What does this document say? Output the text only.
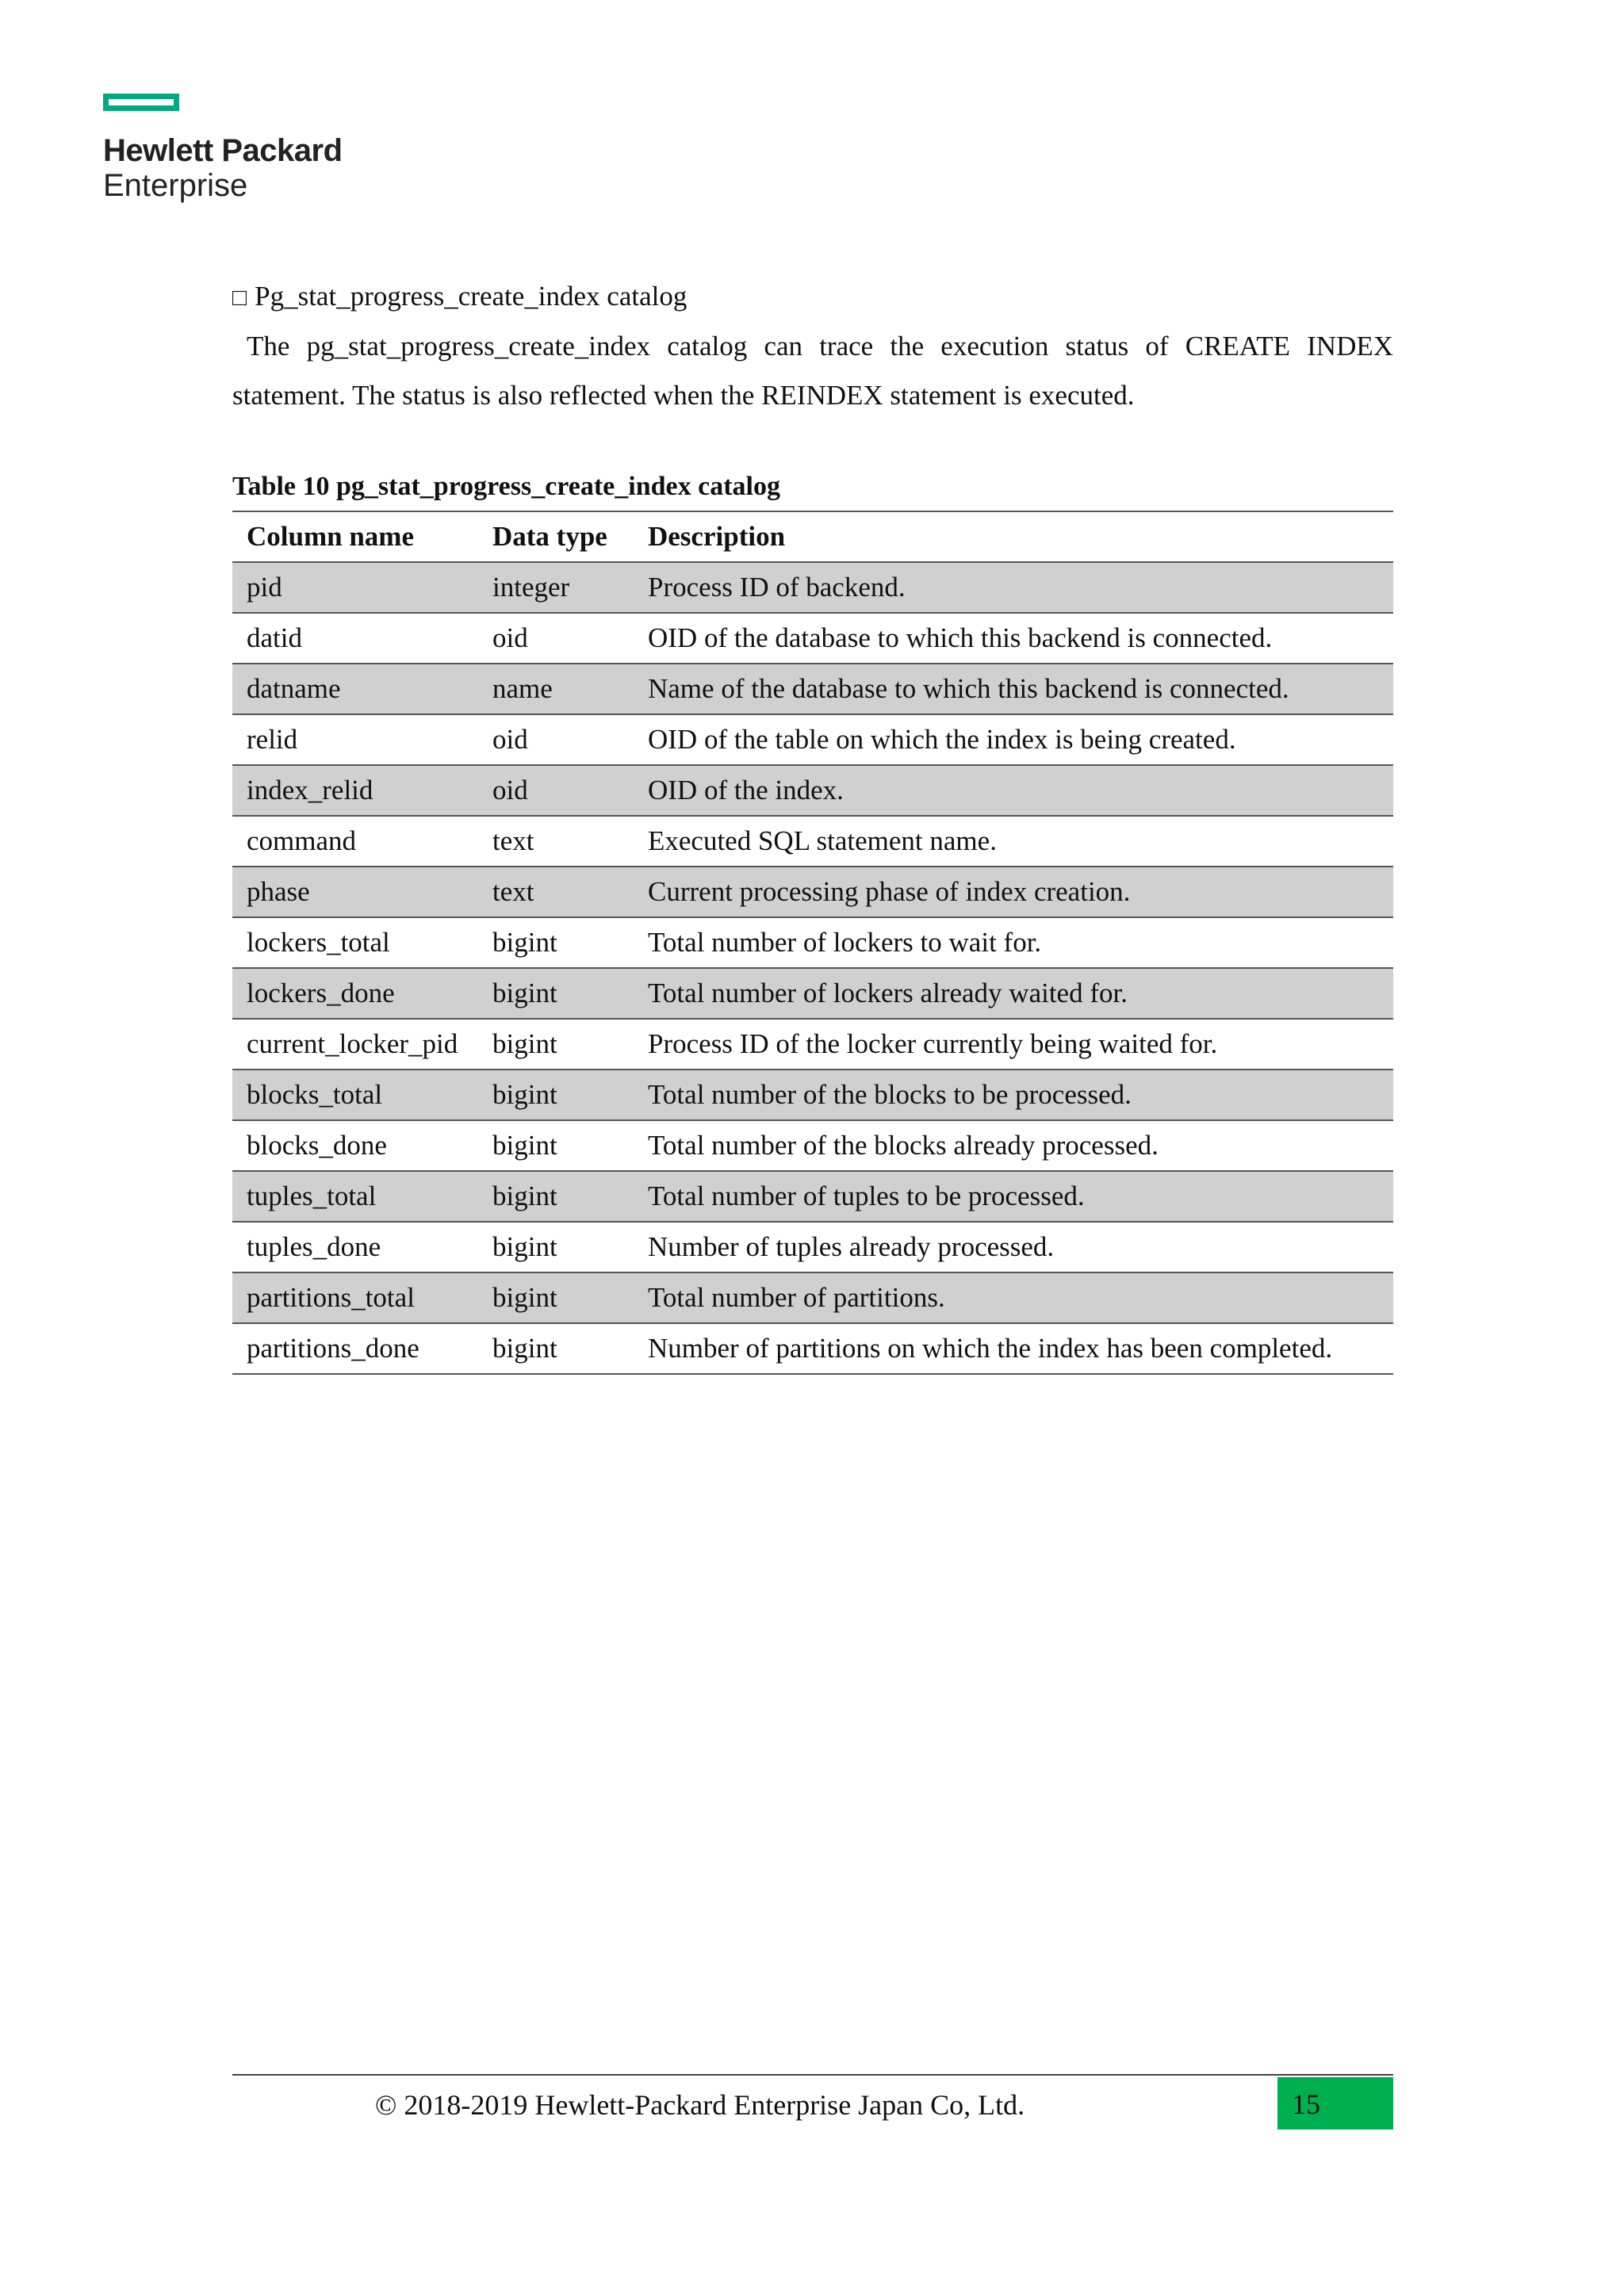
Hewlett Packard
Enterprise

□ Pg_stat_progress_create_index catalog

The pg_stat_progress_create_index catalog can trace the execution status of CREATE INDEX statement. The status is also reflected when the REINDEX statement is executed.

Table 10 pg_stat_progress_create_index catalog

Column name	Data type	Description
pid	integer	Process ID of backend.
datid	oid	OID of the database to which this backend is connected.
datname	name	Name of the database to which this backend is connected.
relid	oid	OID of the table on which the index is being created.
index_relid	oid	OID of the index.
command	text	Executed SQL statement name.
phase	text	Current processing phase of index creation.
lockers_total	bigint	Total number of lockers to wait for.
lockers_done	bigint	Total number of lockers already waited for.
current_locker_pid	bigint	Process ID of the locker currently being waited for.
blocks_total	bigint	Total number of the blocks to be processed.
blocks_done	bigint	Total number of the blocks already processed.
tuples_total	bigint	Total number of tuples to be processed.
tuples_done	bigint	Number of tuples already processed.
partitions_total	bigint	Total number of partitions.
partitions_done	bigint	Number of partitions on which the index has been completed.
© 2018-2019 Hewlett-Packard Enterprise Japan Co, Ltd.	15
